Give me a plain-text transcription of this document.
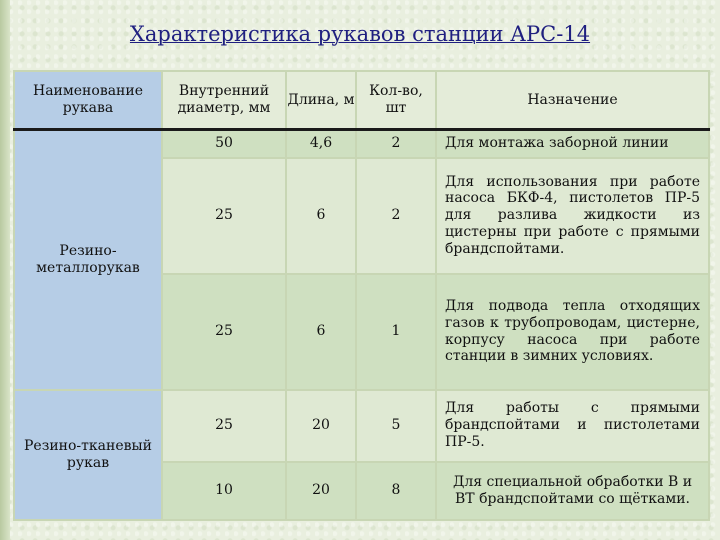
Характеристика рукавов станции АРС-14
Наименование рукава	Внутренний диаметр, мм	Длина, м	Кол-во, шт	Назначение
Резино-металлорукав	50	4,6	2	Для монтажа заборной линии
	25	6	2	Для использования при работе насоса БКФ-4, пистолетов ПР-5 для разлива жидкости из цистерны при работе с прямыми брандспойтами.
	25	6	1	Для подвода тепла отходящих газов к трубопроводам, цистерне, корпусу насоса при работе станции в зимних условиях.
Резино-тканевый рукав	25	20	5	Для работы с прямыми брандспойтами и пистолетами ПР-5.
	10	20	8	Для специальной обработки В и ВТ брандспойтами со щётками.
